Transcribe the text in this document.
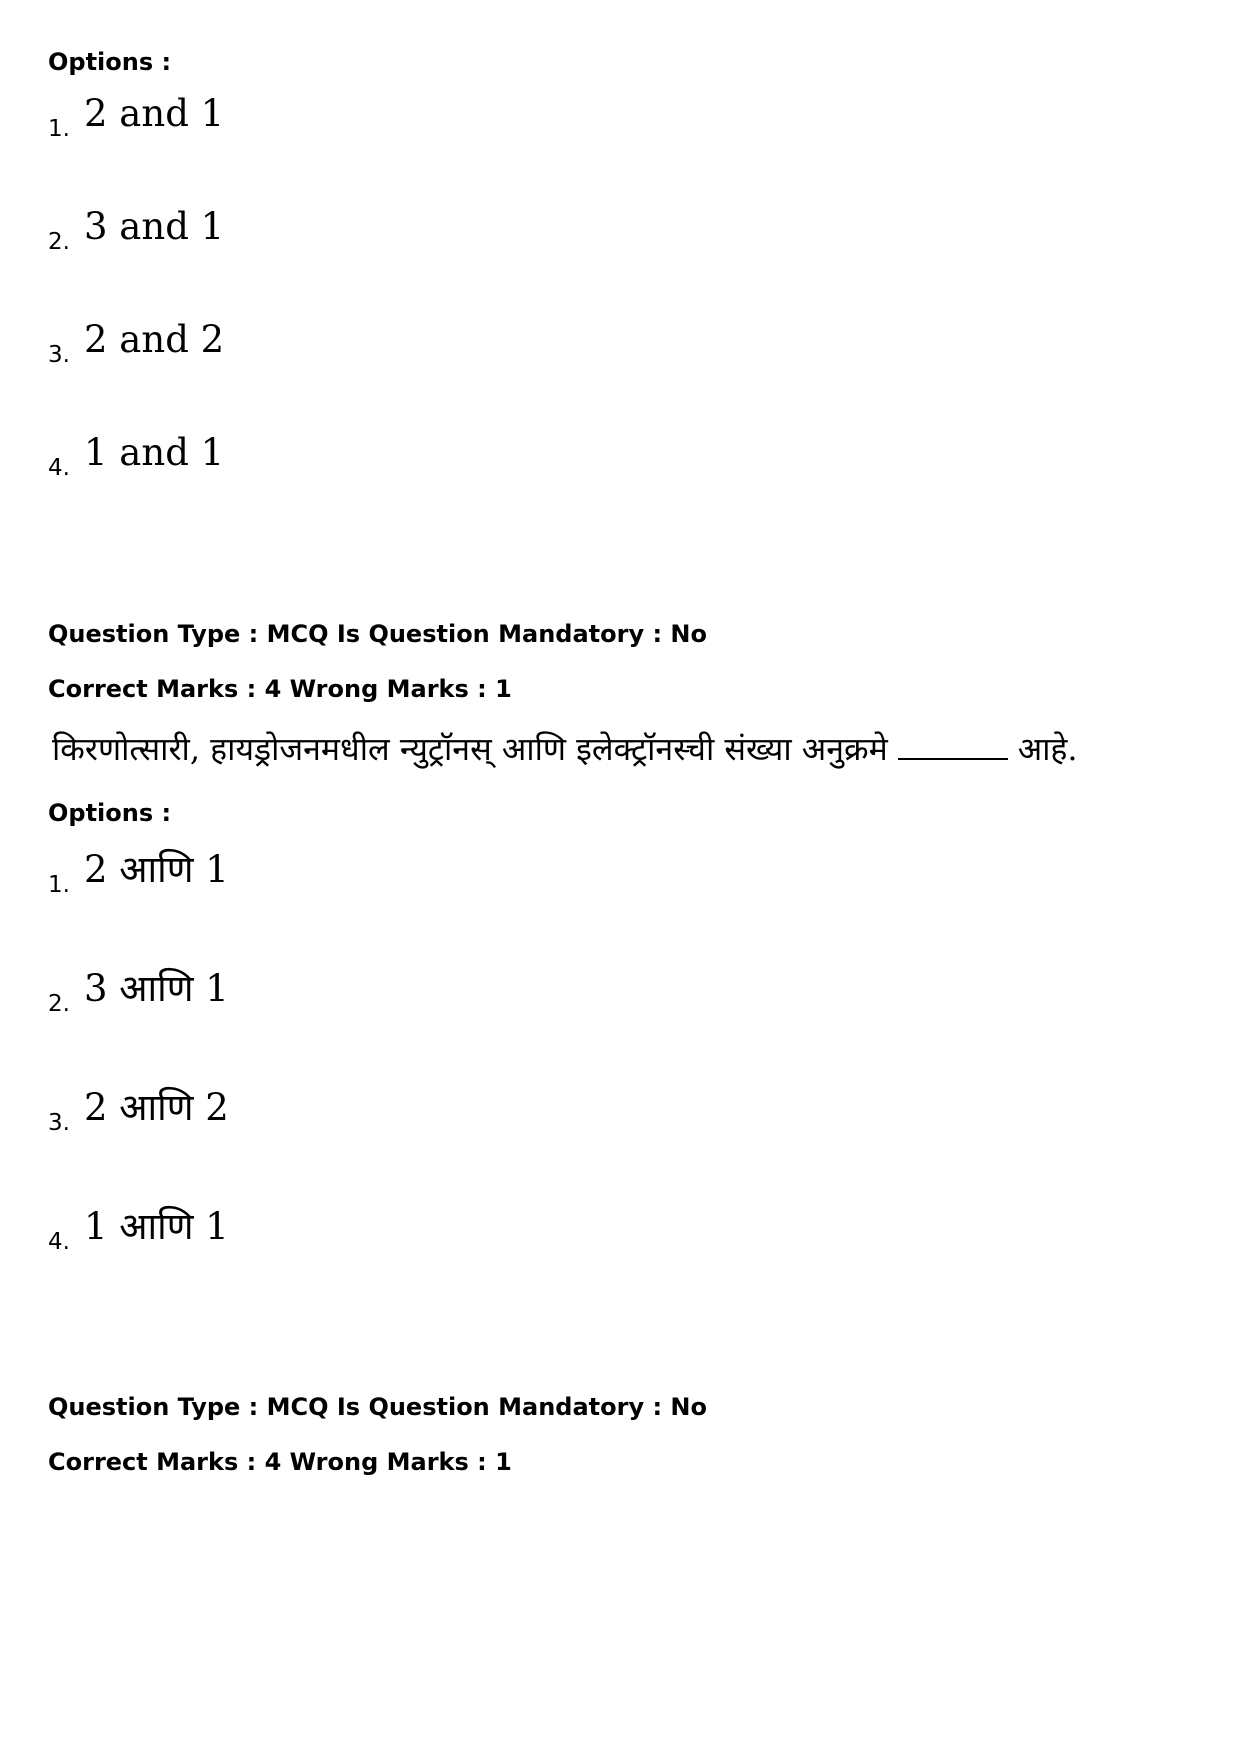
Options :
1. 2 and 1
2. 3 and 1
3. 2 and 2
4. 1 and 1
Question Type : MCQ Is Question Mandatory : No
Correct Marks : 4 Wrong Marks : 1
किरणोत्सारी, हायड्रोजनमधील न्युट्रॉनस् आणि इलेक्ट्रॉनस्ची संख्या अनुक्रमे	आहे.
Options :
1. 2 आणि 1
2. 3 आणि 1
3. 2 आणि 2
4. 1 आणि 1
Question Type : MCQ Is Question Mandatory : No
Correct Marks : 4 Wrong Marks : 1
